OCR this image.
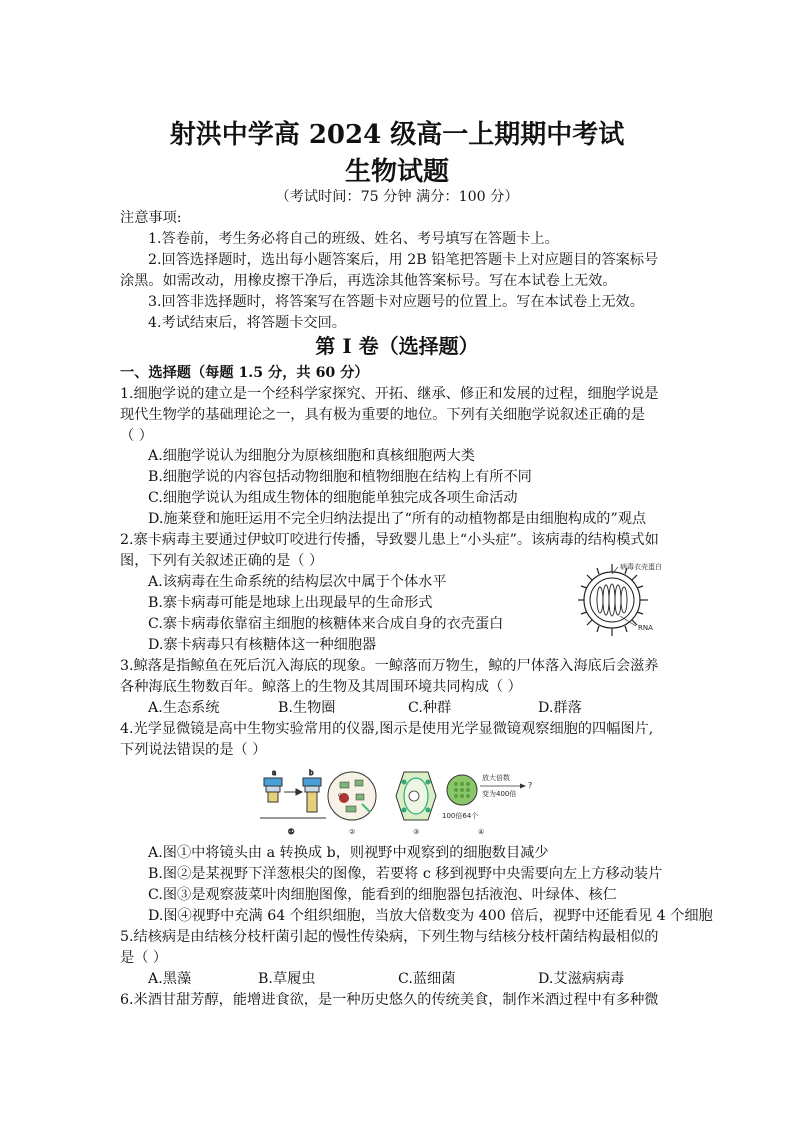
射洪中学高 2024 级高一上期期中考试
生物试题
（考试时间：75 分钟 满分：100 分）
注意事项:
1.答卷前，考生务必将自己的班级、姓名、考号填写在答题卡上。
2.回答选择题时，选出每小题答案后，用 2B 铅笔把答题卡上对应题目的答案标号
涂黑。如需改动，用橡皮擦干净后，再选涂其他答案标号。写在本试卷上无效。
3.回答非选择题时，将答案写在答题卡对应题号的位置上。写在本试卷上无效。
4.考试结束后，将答题卡交回。
第 I 卷（选择题）
一、选择题（每题 1.5 分，共 60 分）
1.细胞学说的建立是一个经科学家探究、开拓、继承、修正和发展的过程，细胞学说是
现代生物学的基础理论之一，具有极为重要的地位。下列有关细胞学说叙述正确的是
（ ）
A.细胞学说认为细胞分为原核细胞和真核细胞两大类
B.细胞学说的内容包括动物细胞和植物细胞在结构上有所不同
C.细胞学说认为组成生物体的细胞能单独完成各项生命活动
D.施莱登和施旺运用不完全归纳法提出了“所有的动植物都是由细胞构成的”观点
2.寨卡病毒主要通过伊蚊叮咬进行传播，导致婴儿患上“小头症”。该病毒的结构模式如
图，下列有关叙述正确的是（ ）
A.该病毒在生命系统的结构层次中属于个体水平
B.寨卡病毒可能是地球上出现最早的生命形式
C.寨卡病毒依靠宿主细胞的核糖体来合成自身的衣壳蛋白
D.寨卡病毒只有核糖体这一种细胞器
病毒衣壳蛋白
RNA
3.鲸落是指鲸鱼在死后沉入海底的现象。一鲸落而万物生，鲸的尸体落入海底后会滋养
各种海底生物数百年。鲸落上的生物及其周围环境共同构成（ ）
A.生态系统	B.生物圈	C.种群	D.群落
4.光学显微镜是高中生物实验常用的仪器,图示是使用光学显微镜观察细胞的四幅图片,
下列说法错误的是（ ）
a	b
①
c
②	③
放大倍数
?
变为400倍
100倍64个
④
A.图①中将镜头由 a 转换成 b，则视野中观察到的细胞数目减少
B.图②是某视野下洋葱根尖的图像，若要将 c 移到视野中央需要向左上方移动装片
C.图③是观察菠菜叶肉细胞图像，能看到的细胞器包括液泡、叶绿体、核仁
D.图④视野中充满 64 个组织细胞，当放大倍数变为 400 倍后，视野中还能看见 4 个细胞
5.结核病是由结核分枝杆菌引起的慢性传染病，下列生物与结核分枝杆菌结构最相似的
是（ ）
A.黑藻	B.草履虫	C.蓝细菌	D.艾滋病病毒
6.米酒甘甜芳醇，能增进食欲，是一种历史悠久的传统美食，制作米酒过程中有多种微
